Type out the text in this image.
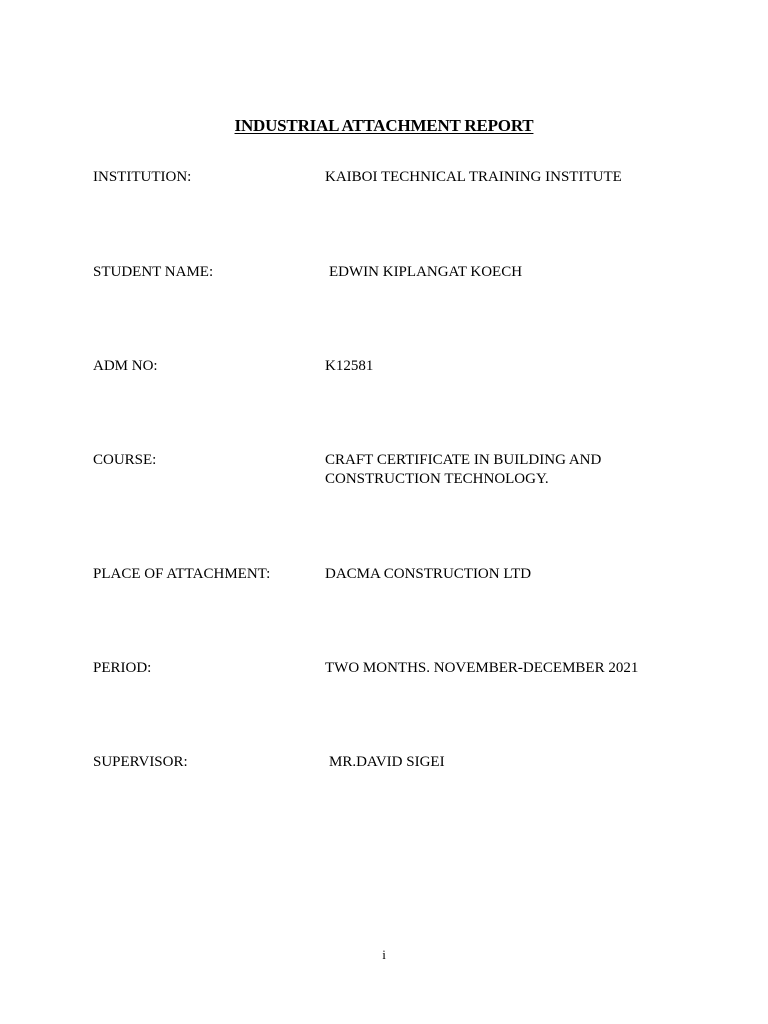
INDUSTRIAL ATTACHMENT REPORT
INSTITUTION:	KAIBOI TECHNICAL TRAINING INSTITUTE
STUDENT NAME:	EDWIN KIPLANGAT KOECH
ADM NO:	K12581
COURSE:	CRAFT CERTIFICATE IN BUILDING AND
CONSTRUCTION TECHNOLOGY.
PLACE OF ATTACHMENT:	DACMA CONSTRUCTION LTD
PERIOD:	TWO MONTHS. NOVEMBER-DECEMBER 2021
SUPERVISOR:	MR.DAVID SIGEI
i
